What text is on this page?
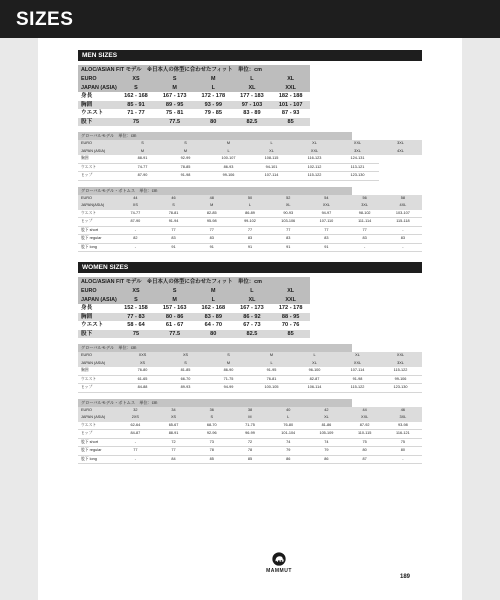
SIZES
MEN SIZES
ALOC/ASIAN FIT モデル　※日本人の体型に合わせたフィット　単位：cm
EURO	XS	S	M	L	XL
JAPAN (ASIA)	S	M	L	XL	XXL
身長	162 - 168	167 - 173	172 - 178	177 - 183	182 - 188
胸囲	85 - 91	89 - 95	93 - 99	97 - 103	101 - 107
ウエスト	71 - 77	75 - 81	79 - 85	83 - 89	87 - 93
股下	75	77.5	80	82.5	85
グローバルモデル　単位：cm
EURO	S	S	M	L	XL	XXL	3XL
JAPAN (ASIA)	M	M	L	XL	XXL	3XL	4XL
胸囲	88-91	92-99	100-107	108-115	116-123	124-131	
ウエスト	74-77	78-85	86-93	94-101	102-112	113-121	
ヒップ	87-90	91-98	99-106	107-114	115-122	123-130	
グローバルモデル・ボトムス　単位：cm
EURO	44	46	48	50	52	54	56	58
JAPAN(ASIA)	XS	S	M	L	XL	XXL	3XL	4XL
ウエスト	74-77	78-81	82-85	86-89	90-93	94-97	98-102	103-107
ヒップ	87-90	91-94	95-98	99-102	103-106	107-110	111-114	115-118
股下 short	-	77	77	77	77	77	77	-
股下 regular	82	83	83	83	83	83	83	83
股下 long	-	91	91	91	91	91	-	-
WOMEN SIZES
ALOC/ASIAN FIT モデル　※日本人の体型に合わせたフィット　単位：cm
EURO	XS	S	M	L	XL
JAPAN (ASIA)	S	M	L	XL	XXL
身長	152 - 158	157 - 163	162 - 168	167 - 173	172 - 178
胸囲	77 - 83	80 - 86	83 - 89	86 - 92	88 - 95
ウエスト	58 - 64	61 - 67	64 - 70	67 - 73	70 - 76
股下	75	77.5	80	82.5	85
グローバルモデル　単位：cm
EURO	XXS	XS	S	M	L	XL	XXL
JAPAN (ASIA)	XS	S	M	L	XL	XXL	3XL
胸囲	76-80	81-85	86-90	91-95	96-100	107-114	115-122
ウエスト	61-65	66-70	71-75	76-81	82-87	91-98	99-106
ヒップ	84-88	89-93	94-99	100-105	106-114	115-122	123-130
グローバルモデル・ボトムス　単位：cm
EURO	32	34	36	38	40	42	44	46
JAPAN (ASIA)	2XS	XS	S	M	L	XL	XXL	3XL
ウエスト	62-64	65-67	68-70	71-75	76-80	81-86	87-92	93-98
ヒップ	84-87	88-91	92-96	96-99	101-104	105-109	110-115	116-121
股下 short	-	72	73	72	74	74	75	75
股下 regular	77	77	78	78	79	79	80	80
股下 long	-	84	85	85	86	86	87	-
MAMMUT
189
